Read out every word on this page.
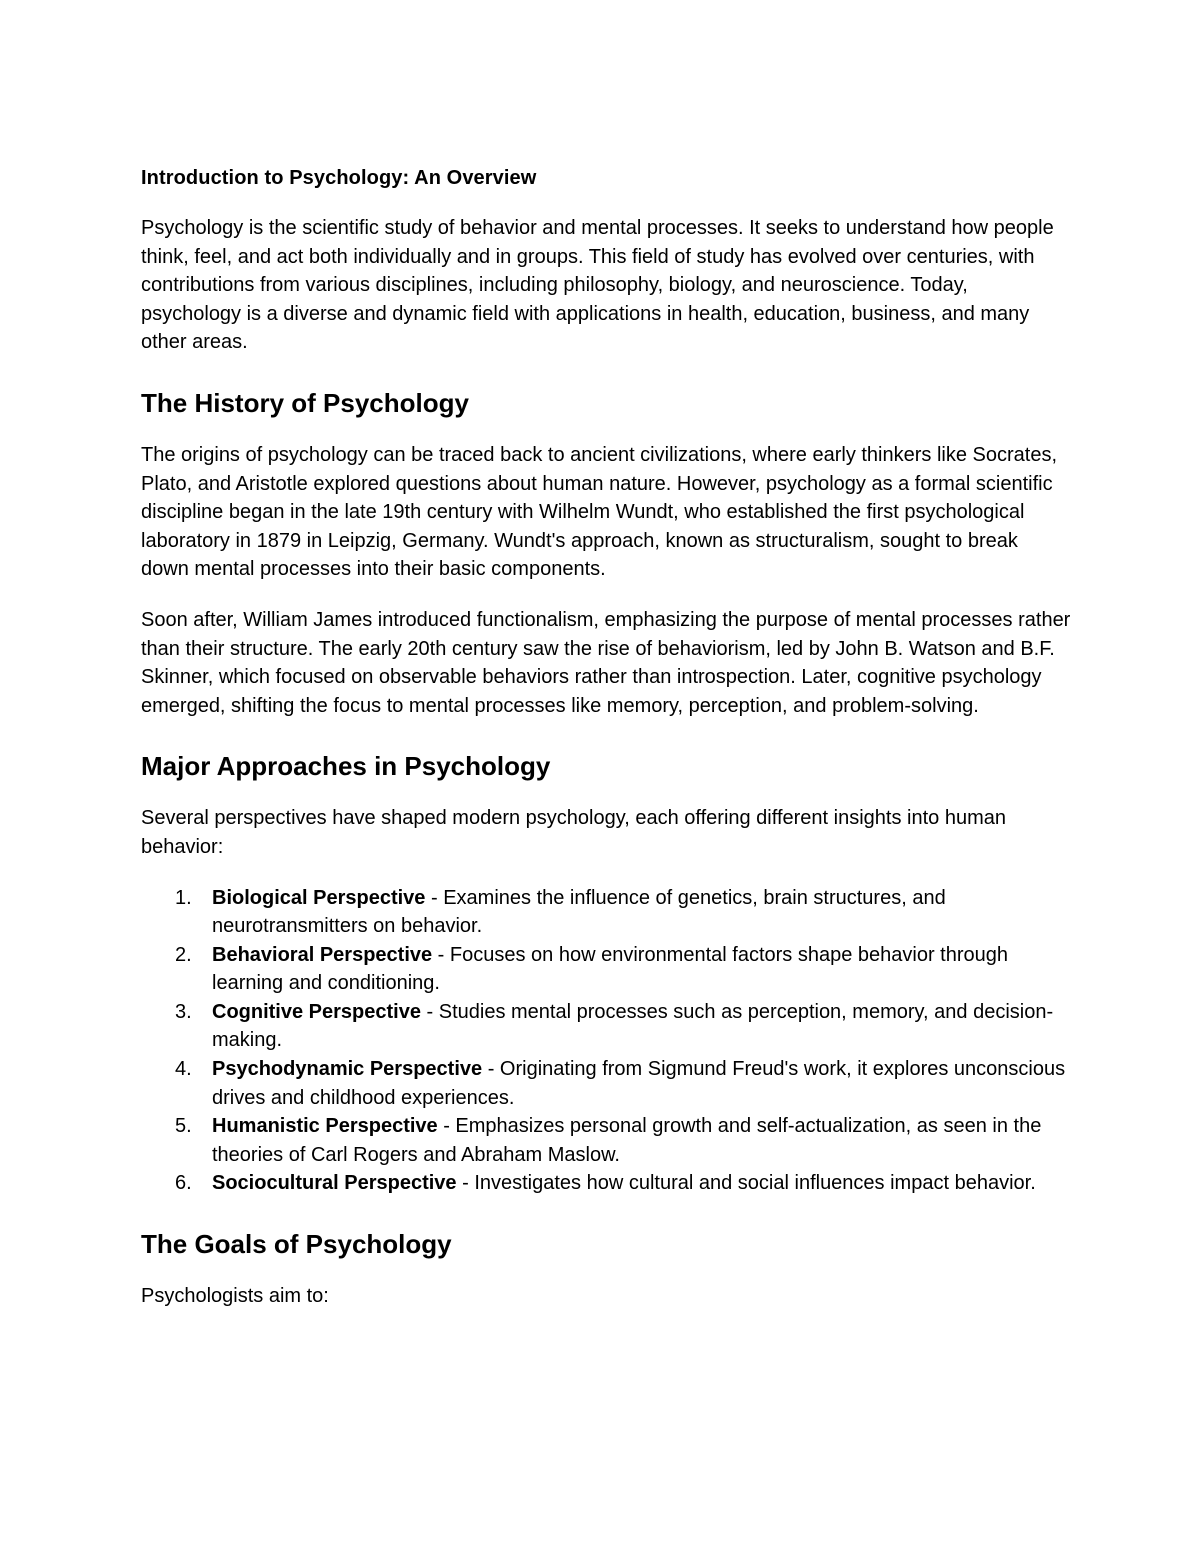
Introduction to Psychology: An Overview

Psychology is the scientific study of behavior and mental processes. It seeks to understand how people think, feel, and act both individually and in groups. This field of study has evolved over centuries, with contributions from various disciplines, including philosophy, biology, and neuroscience. Today, psychology is a diverse and dynamic field with applications in health, education, business, and many other areas.

The History of Psychology

The origins of psychology can be traced back to ancient civilizations, where early thinkers like Socrates, Plato, and Aristotle explored questions about human nature. However, psychology as a formal scientific discipline began in the late 19th century with Wilhelm Wundt, who established the first psychological laboratory in 1879 in Leipzig, Germany. Wundt's approach, known as structuralism, sought to break down mental processes into their basic components.

Soon after, William James introduced functionalism, emphasizing the purpose of mental processes rather than their structure. The early 20th century saw the rise of behaviorism, led by John B. Watson and B.F. Skinner, which focused on observable behaviors rather than introspection. Later, cognitive psychology emerged, shifting the focus to mental processes like memory, perception, and problem-solving.

Major Approaches in Psychology

Several perspectives have shaped modern psychology, each offering different insights into human behavior:

1. Biological Perspective - Examines the influence of genetics, brain structures, and neurotransmitters on behavior.
2. Behavioral Perspective - Focuses on how environmental factors shape behavior through learning and conditioning.
3. Cognitive Perspective - Studies mental processes such as perception, memory, and decision-making.
4. Psychodynamic Perspective - Originating from Sigmund Freud's work, it explores unconscious drives and childhood experiences.
5. Humanistic Perspective - Emphasizes personal growth and self-actualization, as seen in the theories of Carl Rogers and Abraham Maslow.
6. Sociocultural Perspective - Investigates how cultural and social influences impact behavior.
The Goals of Psychology

Psychologists aim to:
